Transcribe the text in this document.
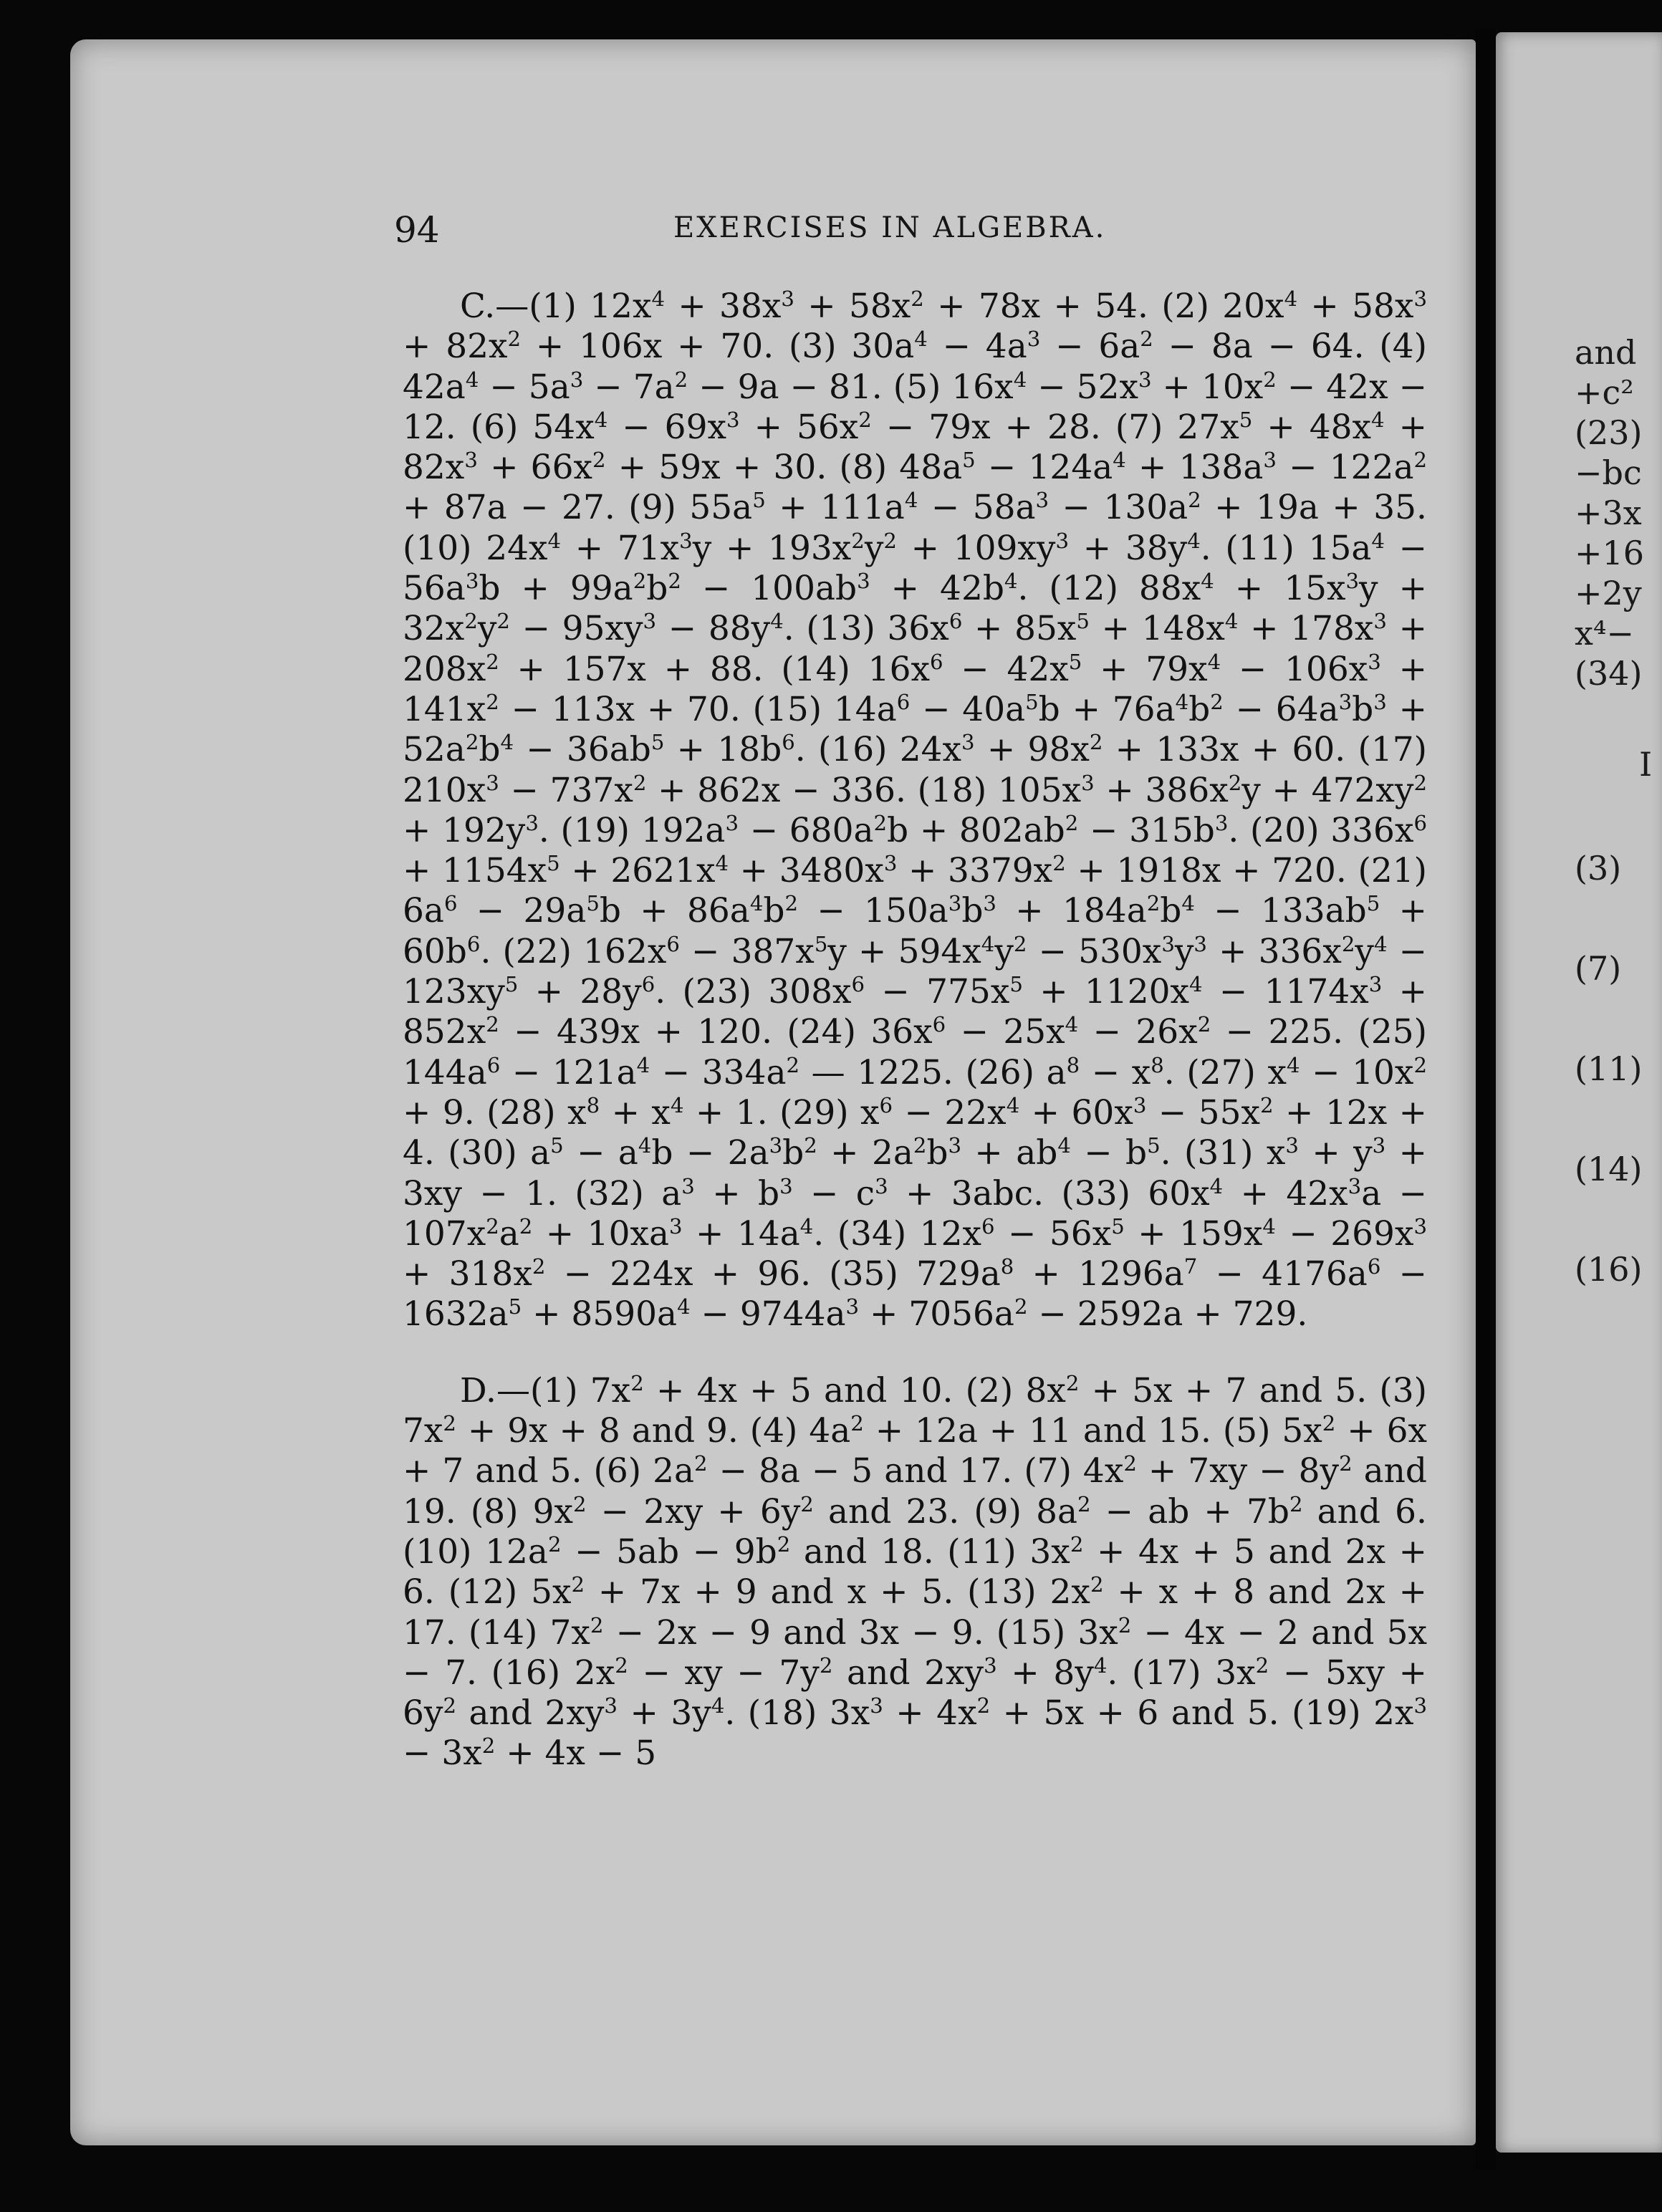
and
+c²
(23)
−bc
+3x
+16
+2y
x⁴−
(34)
I
(3)
(7)
(11)
(14)
(16)
94	EXERCISES IN ALGEBRA.

C.—(1) $12x^4 + 38x^3 + 58x^2 + 78x + 54$. (2) $20x^4 + 58x^3 + 82x^2 + 106x + 70$. (3) $30a^4 - 4a^3 - 6a^2 - 8a - 64$. (4) $42a^4 - 5a^3 - 7a^2 - 9a - 81$. (5) $16x^4 - 52x^3 + 10x^2 - 42x - 12$. (6) $54x^4 - 69x^3 + 56x^2 - 79x + 28$. (7) $27x^5 + 48x^4 + 82x^3 + 66x^2 + 59x + 30$. (8) $48a^5 - 124a^4 + 138a^3 - 122a^2 + 87a - 27$. (9) $55a^5 + 111a^4 - 58a^3 - 130a^2 + 19a + 35$. (10) $24x^4 + 71x^3y + 193x^2y^2 + 109xy^3 + 38y^4$. (11) $15a^4 - 56a^3b + 99a^2b^2 - 100ab^3 + 42b^4$. (12) $88x^4 + 15x^3y + 32x^2y^2 - 95xy^3 - 88y^4$. (13) $36x^6 + 85x^5 + 148x^4 + 178x^3 + 208x^2 + 157x + 88$. (14) $16x^6 - 42x^5 + 79x^4 - 106x^3 + 141x^2 - 113x + 70$. (15) $14a^6 - 40a^5b + 76a^4b^2 - 64a^3b^3 + 52a^2b^4 - 36ab^5 + 18b^6$. (16) $24x^3 + 98x^2 + 133x + 60$. (17) $210x^3 - 737x^2 + 862x - 336$. (18) $105x^3 + 386x^2y + 472xy^2 + 192y^3$. (19) $192a^3 - 680a^2b + 802ab^2 - 315b^3$. (20) $336x^6 + 1154x^5 + 2621x^4 + 3480x^3 + 3379x^2 + 1918x + 720$. (21) $6a^6 - 29a^5b + 86a^4b^2 - 150a^3b^3 + 184a^2b^4 - 133ab^5 + 60b^6$. (22) $162x^6 - 387x^5y + 594x^4y^2 - 530x^3y^3 + 336x^2y^4 - 123xy^5 + 28y^6$. (23) $308x^6 - 775x^5 + 1120x^4 - 1174x^3 + 852x^2 - 439x + 120$. (24) $36x^6 - 25x^4 - 26x^2 - 225$. (25) $144a^6 - 121a^4 - 334a^2$ — 1225. (26) $a^8 - x^8$. (27) $x^4 - 10x^2 + 9$. (28) $x^8 + x^4 + 1$. (29) $x^6 - 22x^4 + 60x^3 - 55x^2 + 12x + 4$. (30) $a^5 - a^4b - 2a^3b^2 + 2a^2b^3 + ab^4 - b^5$. (31) $x^3 + y^3 + 3xy - 1$. (32) $a^3 + b^3 - c^3 + 3abc$. (33) $60x^4 + 42x^3a - 107x^2a^2 + 10xa^3 + 14a^4$. (34) $12x^6 - 56x^5 + 159x^4 - 269x^3 + 318x^2 - 224x + 96$. (35) $729a^8 + 1296a^7 - 4176a^6 - 1632a^5 + 8590a^4 - 9744a^3 + 7056a^2 - 2592a + 729$.

D.—(1) $7x^2 + 4x + 5$ and 10. (2) $8x^2 + 5x + 7$ and 5. (3) $7x^2 + 9x + 8$ and 9. (4) $4a^2 + 12a + 11$ and 15. (5) $5x^2 + 6x + 7$ and 5. (6) $2a^2 - 8a - 5$ and 17. (7) $4x^2 + 7xy - 8y^2$ and 19. (8) $9x^2 - 2xy + 6y^2$ and 23. (9) $8a^2$ − ab + $7b^2$ and 6. (10) $12a^2 - 5ab - 9b^2$ and 18. (11) $3x^2 + 4x + 5$ and 2x + 6. (12) $5x^2 + 7x + 9$ and x + 5. (13) $2x^2 + x + 8$ and 2x + 17. (14) $7x^2 - 2x - 9$ and 3x − 9. (15) $3x^2 - 4x - 2$ and 5x − 7. (16) $2x^2$ − xy − $7y^2$ and $2xy^3 + 8y^4$. (17) $3x^2 - 5xy + 6y^2$ and $2xy^3 + 3y^4$. (18) $3x^3 + 4x^2 + 5x + 6$ and 5. (19) $2x^3 - 3x^2 + 4x - 5$
